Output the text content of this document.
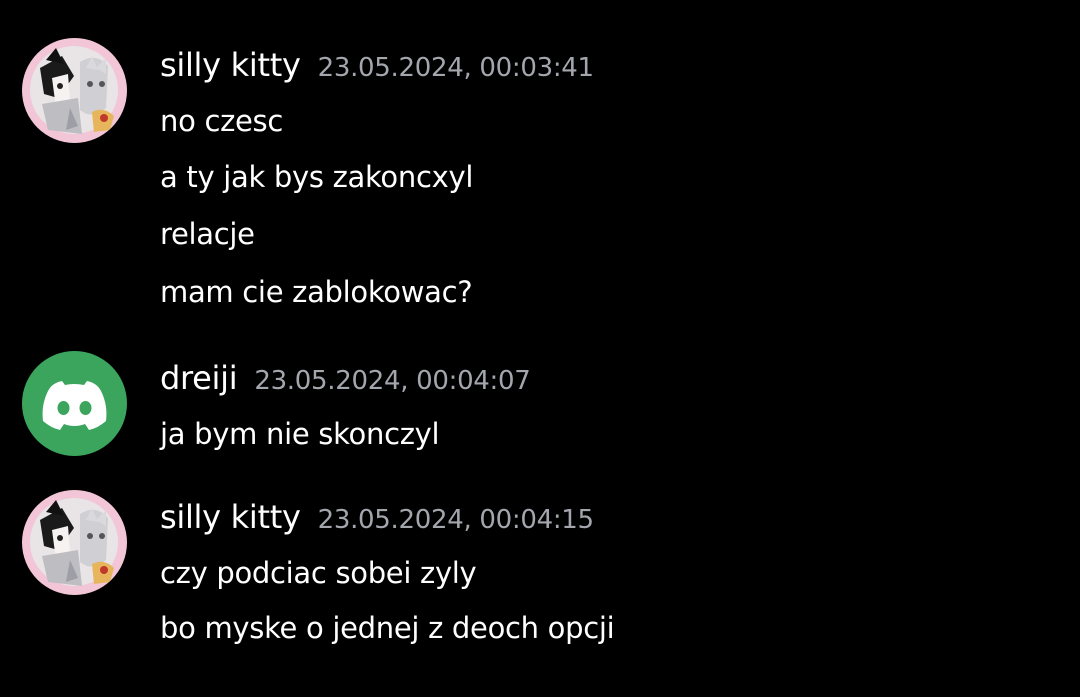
silly kitty 23.05.2024, 00:03:41
no czesc
a ty jak bys zakoncxyl
relacje
mam cie zablokowac?
dreiji 23.05.2024, 00:04:07
ja bym nie skonczyl
silly kitty 23.05.2024, 00:04:15
czy podciac sobei zyly
bo myske o jednej z deoch opcji
